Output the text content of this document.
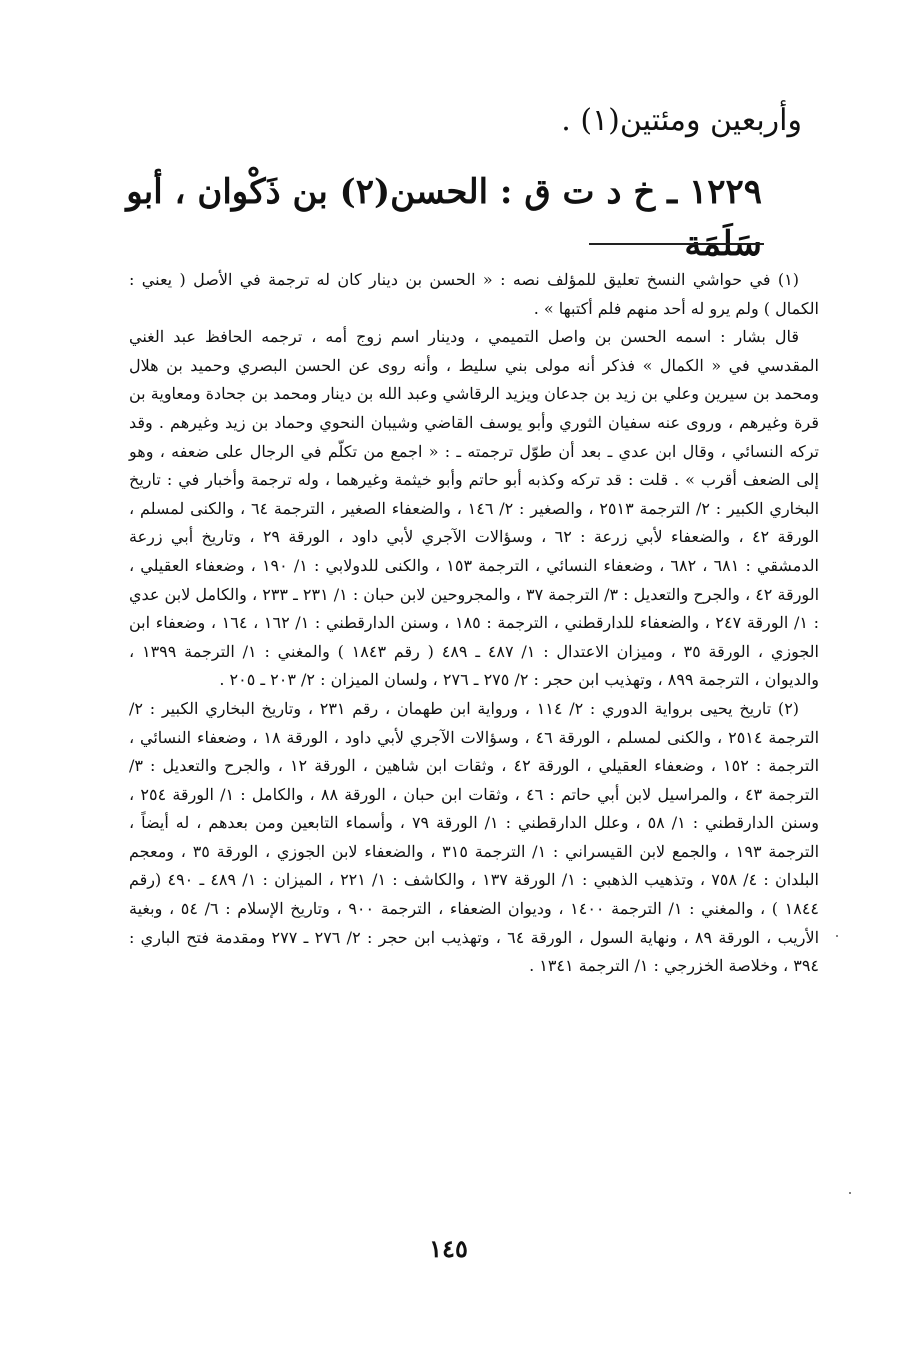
وأربعين ومئتين(١) .
١٢٢٩ ـ خ د ت ق : الحسن(٢) بن ذَكْوان ، أبو سَلَمَة

(١) في حواشي النسخ تعليق للمؤلف نصه : « الحسن بن دينار كان له ترجمة في الأصل ( يعني : الكمال ) ولم يرو له أحد منهم فلم أكتبها » .

قال بشار : اسمه الحسن بن واصل التميمي ، ودينار اسم زوج أمه ، ترجمه الحافظ عبد الغني المقدسي في « الكمال » فذكر أنه مولى بني سليط ، وأنه روى عن الحسن البصري وحميد بن هلال ومحمد بن سيرين وعلي بن زيد بن جدعان ويزيد الرقاشي وعبد الله بن دينار ومحمد بن جحادة ومعاوية بن قرة وغيرهم ، وروى عنه سفيان الثوري وأبو يوسف القاضي وشيبان النحوي وحماد بن زيد وغيرهم . وقد تركه النسائي ، وقال ابن عدي ـ بعد أن طوّل ترجمته ـ : « اجمع من تكلّم في الرجال على ضعفه ، وهو إلى الضعف أقرب » . قلت : قد تركه وكذبه أبو حاتم وأبو خيثمة وغيرهما ، وله ترجمة وأخبار في : تاريخ البخاري الكبير : ٢/ الترجمة ٢٥١٣ ، والصغير : ٢/ ١٤٦ ، والضعفاء الصغير ، الترجمة ٦٤ ، والكنى لمسلم ، الورقة ٤٢ ، والضعفاء لأبي زرعة : ٦٢ ، وسؤالات الآجري لأبي داود ، الورقة ٢٩ ، وتاريخ أبي زرعة الدمشقي : ٦٨١ ، ٦٨٢ ، وضعفاء النسائي ، الترجمة ١٥٣ ، والكنى للدولابي : ١/ ١٩٠ ، وضعفاء العقيلي ، الورقة ٤٢ ، والجرح والتعديل : ٣/ الترجمة ٣٧ ، والمجروحين لابن حبان : ١/ ٢٣١ ـ ٢٣٣ ، والكامل لابن عدي : ١/ الورقة ٢٤٧ ، والضعفاء للدارقطني ، الترجمة : ١٨٥ ، وسنن الدارقطني : ١/ ١٦٢ ، ١٦٤ ، وضعفاء ابن الجوزي ، الورقة ٣٥ ، وميزان الاعتدال : ١/ ٤٨٧ ـ ٤٨٩ ( رقم ١٨٤٣ ) والمغني : ١/ الترجمة ١٣٩٩ ، والديوان ، الترجمة ٨٩٩ ، وتهذيب ابن حجر : ٢/ ٢٧٥ ـ ٢٧٦ ، ولسان الميزان : ٢/ ٢٠٣ ـ ٢٠٥ .

(٢) تاريخ يحيى برواية الدوري : ٢/ ١١٤ ، ورواية ابن طهمان ، رقم ٢٣١ ، وتاريخ البخاري الكبير : ٢/ الترجمة ٢٥١٤ ، والكنى لمسلم ، الورقة ٤٦ ، وسؤالات الآجري لأبي داود ، الورقة ١٨ ، وضعفاء النسائي ، الترجمة : ١٥٢ ، وضعفاء العقيلي ، الورقة ٤٢ ، وثقات ابن شاهين ، الورقة ١٢ ، والجرح والتعديل : ٣/ الترجمة ٤٣ ، والمراسيل لابن أبي حاتم : ٤٦ ، وثقات ابن حبان ، الورقة ٨٨ ، والكامل : ١/ الورقة ٢٥٤ ، وسنن الدارقطني : ١/ ٥٨ ، وعلل الدارقطني : ١/ الورقة ٧٩ ، وأسماء التابعين ومن بعدهم ، له أيضاً ، الترجمة ١٩٣ ، والجمع لابن القيسراني : ١/ الترجمة ٣١٥ ، والضعفاء لابن الجوزي ، الورقة ٣٥ ، ومعجم البلدان : ٤/ ٧٥٨ ، وتذهيب الذهبي : ١/ الورقة ١٣٧ ، والكاشف : ١/ ٢٢١ ، الميزان : ١/ ٤٨٩ ـ ٤٩٠ (رقم ١٨٤٤ ) ، والمغني : ١/ الترجمة ١٤٠٠ ، وديوان الضعفاء ، الترجمة ٩٠٠ ، وتاريخ الإسلام : ٦/ ٥٤ ، وبغية الأريب ، الورقة ٨٩ ، ونهاية السول ، الورقة ٦٤ ، وتهذيب ابن حجر : ٢/ ٢٧٦ ـ ٢٧٧ ومقدمة فتح الباري : ٣٩٤ ، وخلاصة الخزرجي : ١/ الترجمة ١٣٤١ .

١٤٥
